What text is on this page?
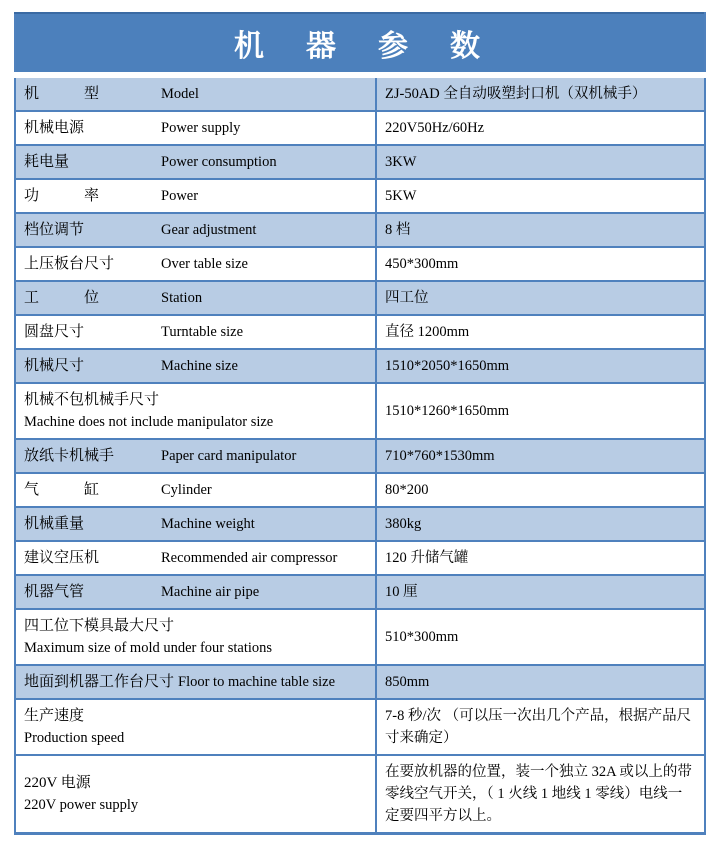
机　器　参　数	
机　　　型 Model	ZJ-50AD 全自动吸塑封口机（双机械手）
机械电源 Power supply	220V50Hz/60Hz
耗电量 Power consumption	3KW
功　　　率 Power	5KW
档位调节 Gear adjustment	8 档
上压板台尺寸 Over table size	450*300mm
工　　　位 Station	四工位
圆盘尺寸 Turntable size	直径 1200mm
机械尺寸 Machine size	1510*2050*1650mm

机械不包机械手尺寸
Machine does not include manipulator size	1510*1260*1650mm
放纸卡机械手 Paper card manipulator	710*760*1530mm
气　　　缸 Cylinder	80*200
机械重量 Machine weight	380kg
建议空压机 Recommended air compressor	120 升储气罐
机器气管 Machine air pipe	10 厘

四工位下模具最大尺寸
Maximum size of mold under four stations	510*300mm
地面到机器工作台尺寸 Floor to machine table size	850mm

生产速度
Production speed	7-8 秒/次 （可以压一次出几个产品，根据产品尺寸来确定）

220V 电源
220V power supply	在要放机器的位置，装一个独立 32A 或以上的带零线空气开关，（ 1 火线 1 地线 1 零线）电线一定要四平方以上。
